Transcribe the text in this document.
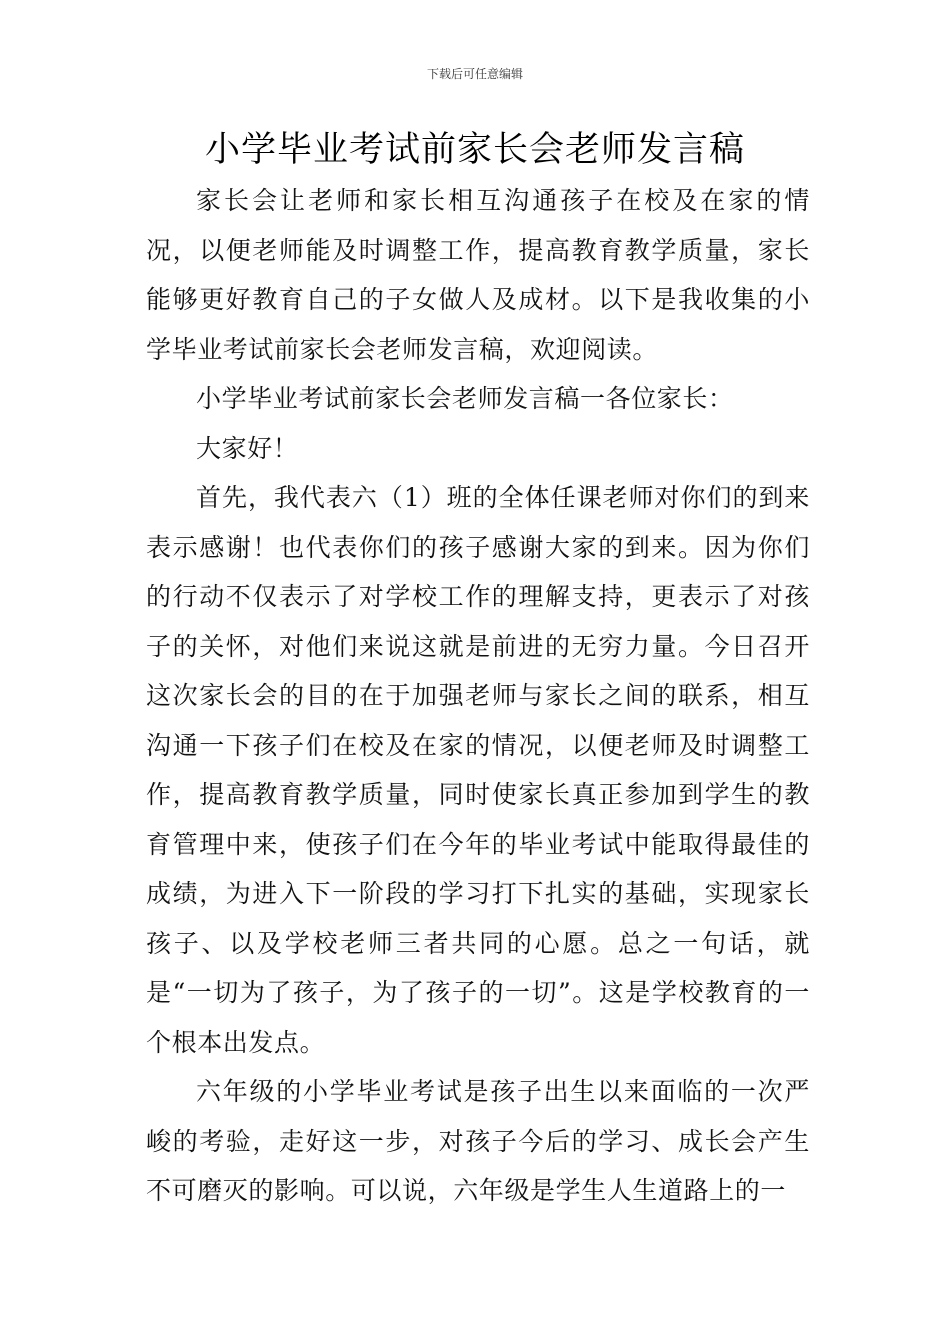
下载后可任意编辑
小学毕业考试前家长会老师发言稿

家长会让老师和家长相互沟通孩子在校及在家的情况，以便老师能及时调整工作，提高教育教学质量，家长能够更好教育自己的子女做人及成材。以下是我收集的小学毕业考试前家长会老师发言稿，欢迎阅读。

小学毕业考试前家长会老师发言稿一各位家长：

大家好！

首先，我代表六（1）班的全体任课老师对你们的到来表示感谢！也代表你们的孩子感谢大家的到来。因为你们的行动不仅表示了对学校工作的理解支持，更表示了对孩子的关怀，对他们来说这就是前进的无穷力量。今日召开这次家长会的目的在于加强老师与家长之间的联系，相互沟通一下孩子们在校及在家的情况，以便老师及时调整工作，提高教育教学质量，同时使家长真正参加到学生的教育管理中来，使孩子们在今年的毕业考试中能取得最佳的成绩，为进入下一阶段的学习打下扎实的基础，实现家长孩子、以及学校老师三者共同的心愿。总之一句话，就是“一切为了孩子，为了孩子的一切”。这是学校教育的一个根本出发点。

六年级的小学毕业考试是孩子出生以来面临的一次严峻的考验，走好这一步，对孩子今后的学习、成长会产生不可磨灭的影响。可以说，六年级是学生人生道路上的一
